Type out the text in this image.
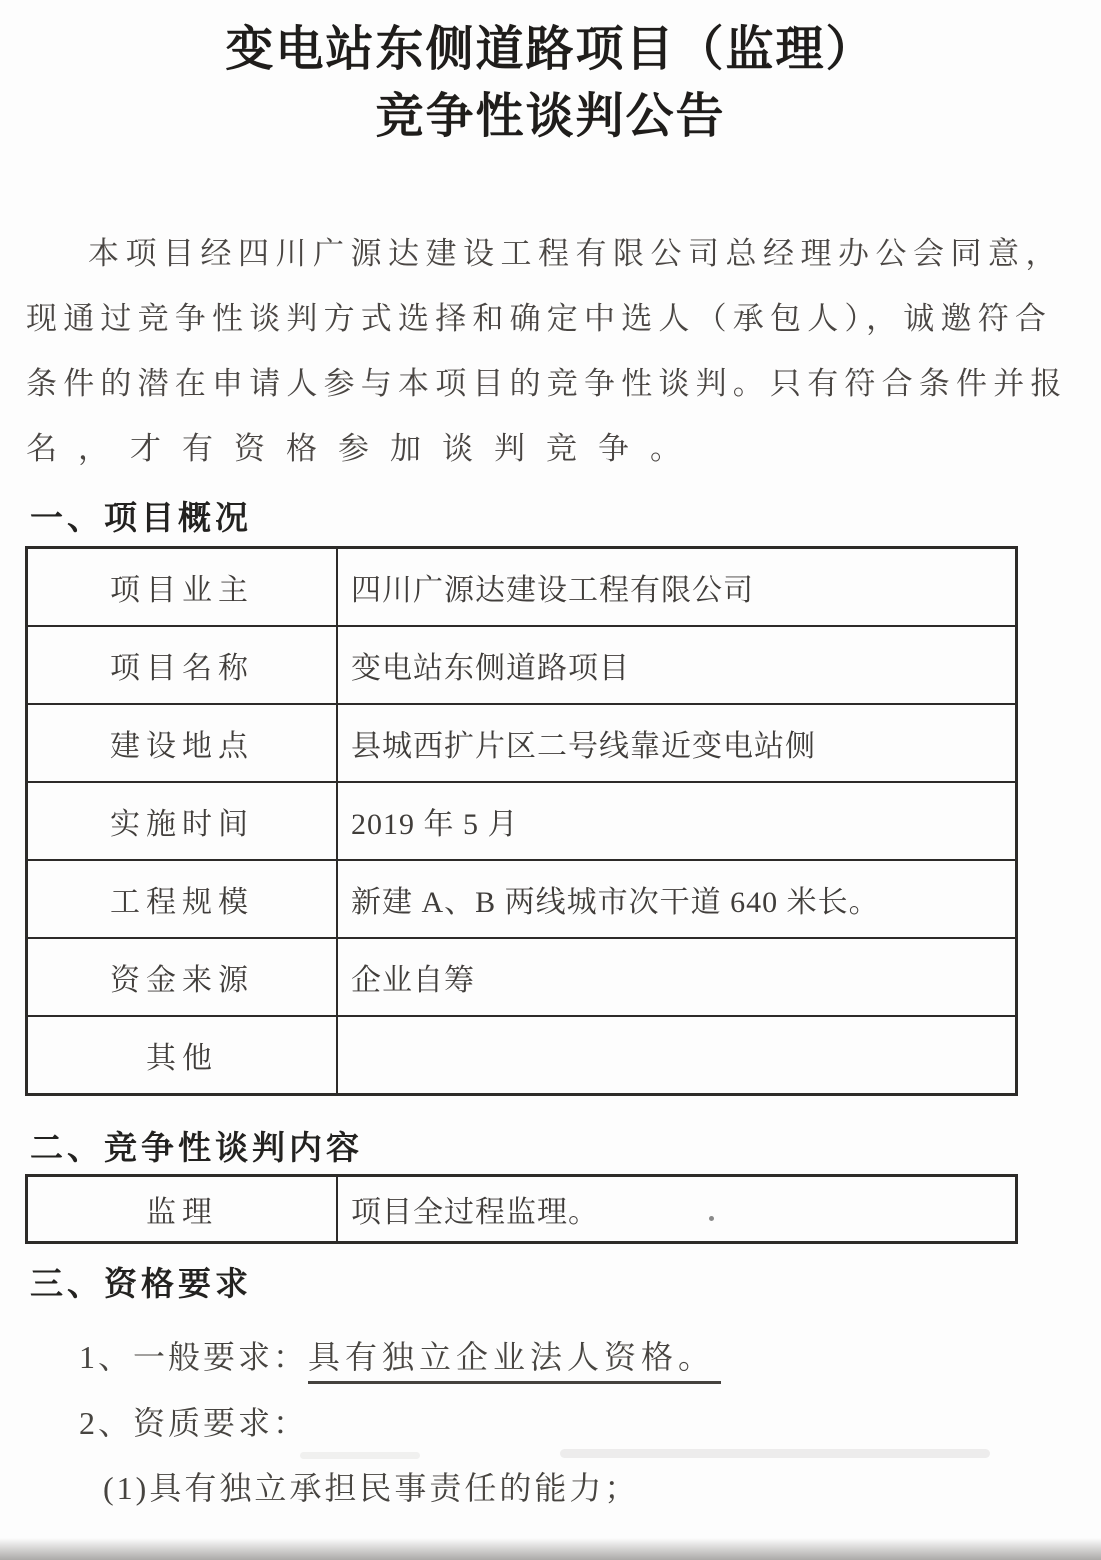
变电站东侧道路项目（监理）
竞争性谈判公告
本项目经四川广源达建设工程有限公司总经理办公会同意，
现通过竞争性谈判方式选择和确定中选人（承包人），诚邀符合
条件的潜在申请人参与本项目的竞争性谈判。只有符合条件并报
名，才有资格参加谈判竞争。
一、项目概况
项目业主	四川广源达建设工程有限公司
项目名称	变电站东侧道路项目
建设地点	县城西扩片区二号线靠近变电站侧
实施时间	2019 年 5 月
工程规模	新建 A、B 两线城市次干道 640 米长。
资金来源	企业自筹
其他	
二、竞争性谈判内容
监理	项目全过程监理。
三、资格要求
1、一般要求：具有独立企业法人资格。
2、资质要求：
(1)具有独立承担民事责任的能力；
